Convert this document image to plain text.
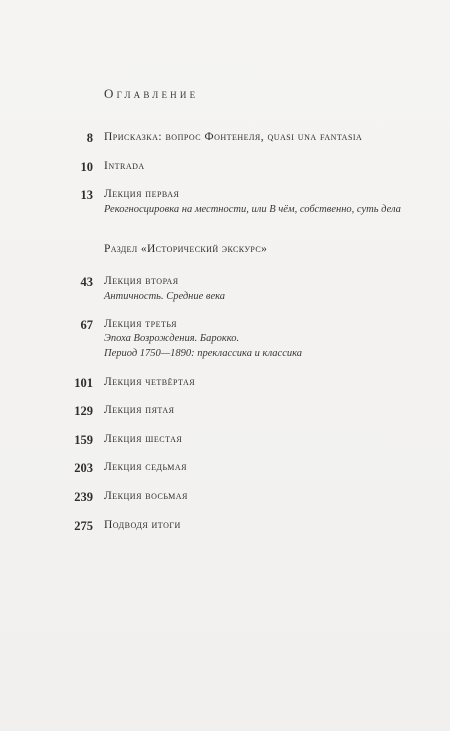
Оглавление
8 Присказка: вопрос Фонтенеля, quasi una fantasia
10 Intrada
13 Лекция первая
Рекогносцировка на местности, или В чём, собственно, суть дела
Раздел «Исторический экскурс»
43 Лекция вторая
Античность. Средние века
67 Лекция третья
Эпоха Возрождения. Барокко.
Период 1750—1890: преклассика и классика
101 Лекция четвёртая
129 Лекция пятая
159 Лекция шестая
203 Лекция седьмая
239 Лекция восьмая
275 Подводя итоги
